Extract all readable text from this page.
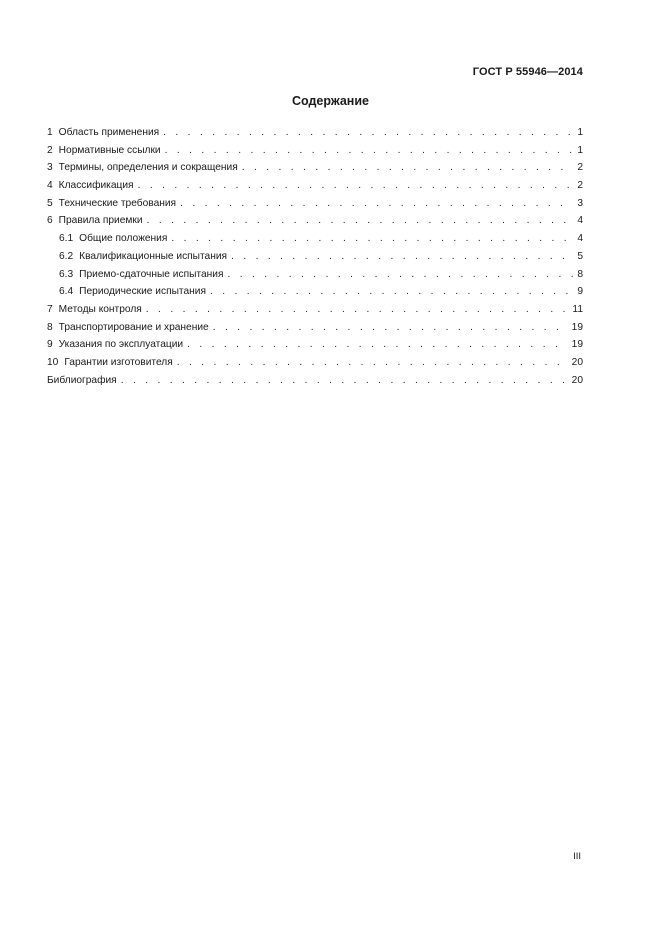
ГОСТ Р 55946—2014
Содержание
1 Область применения . . .	1
2 Нормативные ссылки . . .	1
3 Термины, определения и сокращения . . .	2
4 Классификация . . .	2
5 Технические требования . . .	3
6 Правила приемки . . .	4
6.1 Общие положения . . .	4
6.2 Квалификационные испытания . . .	5
6.3 Приемо-сдаточные испытания . . .	8
6.4 Периодические испытания . . .	9
7 Методы контроля . . .	11
8 Транспортирование и хранение . . .	19
9 Указания по эксплуатации . . .	19
10 Гарантии изготовителя . . .	20
Библиография . . .	20
III
